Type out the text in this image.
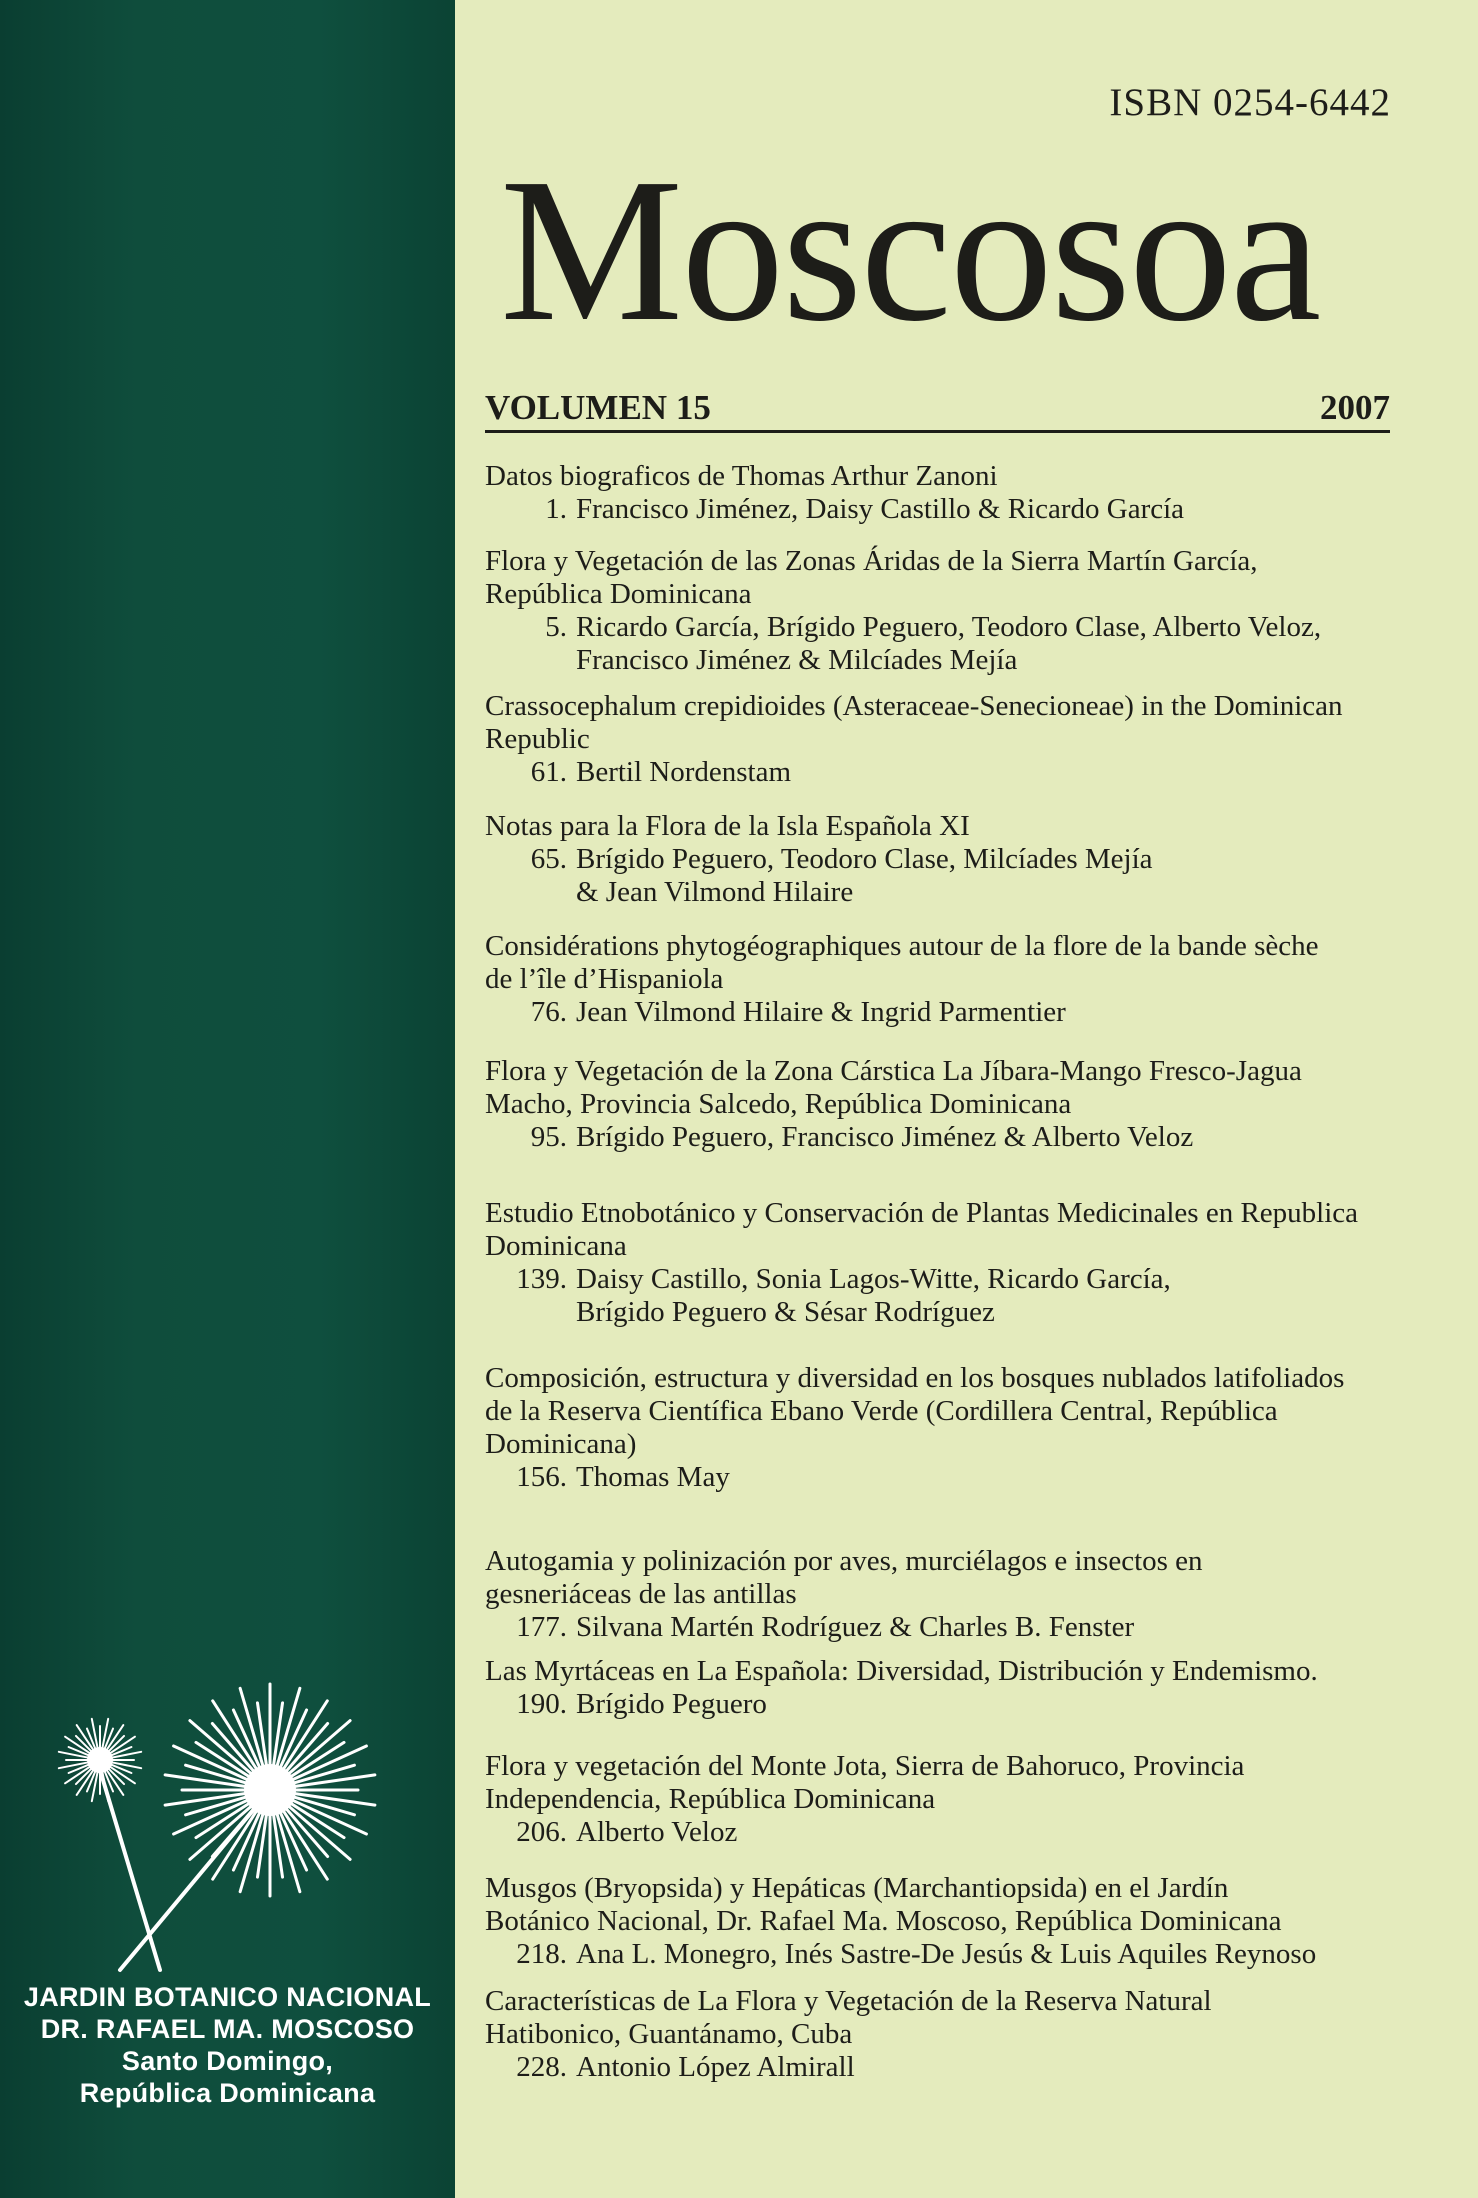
JARDIN BOTANICO NACIONAL
DR. RAFAEL MA. MOSCOSO
Santo Domingo,
República Dominicana
ISBN 0254-6442
Moscosoa
VOLUMEN 15	2007
Datos biograficos de Thomas Arthur Zanoni
1. Francisco Jiménez, Daisy Castillo & Ricardo García
Flora y Vegetación de las Zonas Áridas de la Sierra Martín García,
República Dominicana
5. Ricardo García, Brígido Peguero, Teodoro Clase, Alberto Veloz,
Francisco Jiménez & Milcíades Mejía
Crassocephalum crepidioides (Asteraceae-Senecioneae) in the Dominican
Republic
61. Bertil Nordenstam
Notas para la Flora de la Isla Española XI
65. Brígido Peguero, Teodoro Clase, Milcíades Mejía
& Jean Vilmond Hilaire
Considérations phytogéographiques autour de la flore de la bande sèche
de l’île d’Hispaniola
76. Jean Vilmond Hilaire & Ingrid Parmentier
Flora y Vegetación de la Zona Cárstica La Jíbara-Mango Fresco-Jagua
Macho, Provincia Salcedo, República Dominicana
95. Brígido Peguero, Francisco Jiménez & Alberto Veloz
Estudio Etnobotánico y Conservación de Plantas Medicinales en Republica
Dominicana
139. Daisy Castillo, Sonia Lagos-Witte, Ricardo García,
Brígido Peguero & Sésar Rodríguez
Composición, estructura y diversidad en los bosques nublados latifoliados
de la Reserva Científica Ebano Verde (Cordillera Central, República
Dominicana)
156. Thomas May
Autogamia y polinización por aves, murciélagos e insectos en
gesneriáceas de las antillas
177. Silvana Martén Rodríguez & Charles B. Fenster
Las Myrtáceas en La Española: Diversidad, Distribución y Endemismo.
190. Brígido Peguero
Flora y vegetación del Monte Jota, Sierra de Bahoruco, Provincia
Independencia, República Dominicana
206. Alberto Veloz
Musgos (Bryopsida) y Hepáticas (Marchantiopsida) en el Jardín
Botánico Nacional, Dr. Rafael Ma. Moscoso, República Dominicana
218. Ana L. Monegro, Inés Sastre-De Jesús & Luis Aquiles Reynoso
Características de La Flora y Vegetación de la Reserva Natural
Hatibonico, Guantánamo, Cuba
228. Antonio López Almirall
